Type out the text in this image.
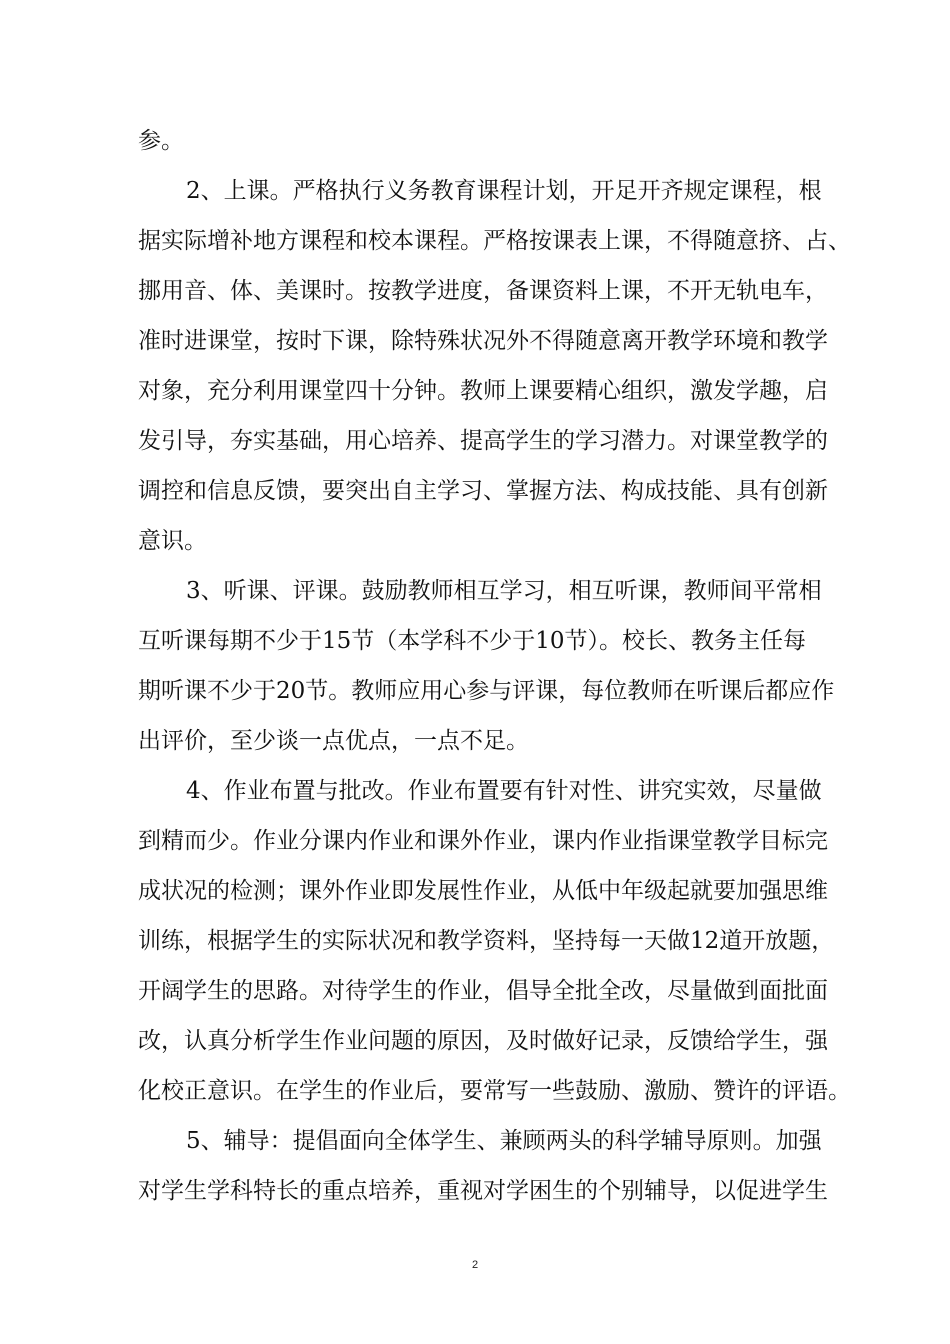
参。
2、上课。严格执行义务教育课程计划，开足开齐规定课程，根
据实际增补地方课程和校本课程。严格按课表上课，不得随意挤、占、
挪用音、体、美课时。按教学进度，备课资料上课，不开无轨电车，
准时进课堂，按时下课，除特殊状况外不得随意离开教学环境和教学
对象，充分利用课堂四十分钟。教师上课要精心组织，激发学趣，启
发引导，夯实基础，用心培养、提高学生的学习潜力。对课堂教学的
调控和信息反馈，要突出自主学习、掌握方法、构成技能、具有创新
意识。
3、听课、评课。鼓励教师相互学习，相互听课，教师间平常相
互听课每期不少于15节（本学科不少于10节）。校长、教务主任每
期听课不少于20节。教师应用心参与评课，每位教师在听课后都应作
出评价，至少谈一点优点，一点不足。
4、作业布置与批改。作业布置要有针对性、讲究实效，尽量做
到精而少。作业分课内作业和课外作业，课内作业指课堂教学目标完
成状况的检测；课外作业即发展性作业，从低中年级起就要加强思维
训练，根据学生的实际状况和教学资料，坚持每一天做12道开放题，
开阔学生的思路。对待学生的作业，倡导全批全改，尽量做到面批面
改，认真分析学生作业问题的原因，及时做好记录，反馈给学生，强
化校正意识。在学生的作业后，要常写一些鼓励、激励、赞许的评语。
5、辅导：提倡面向全体学生、兼顾两头的科学辅导原则。加强
对学生学科特长的重点培养，重视对学困生的个别辅导，以促进学生
2
